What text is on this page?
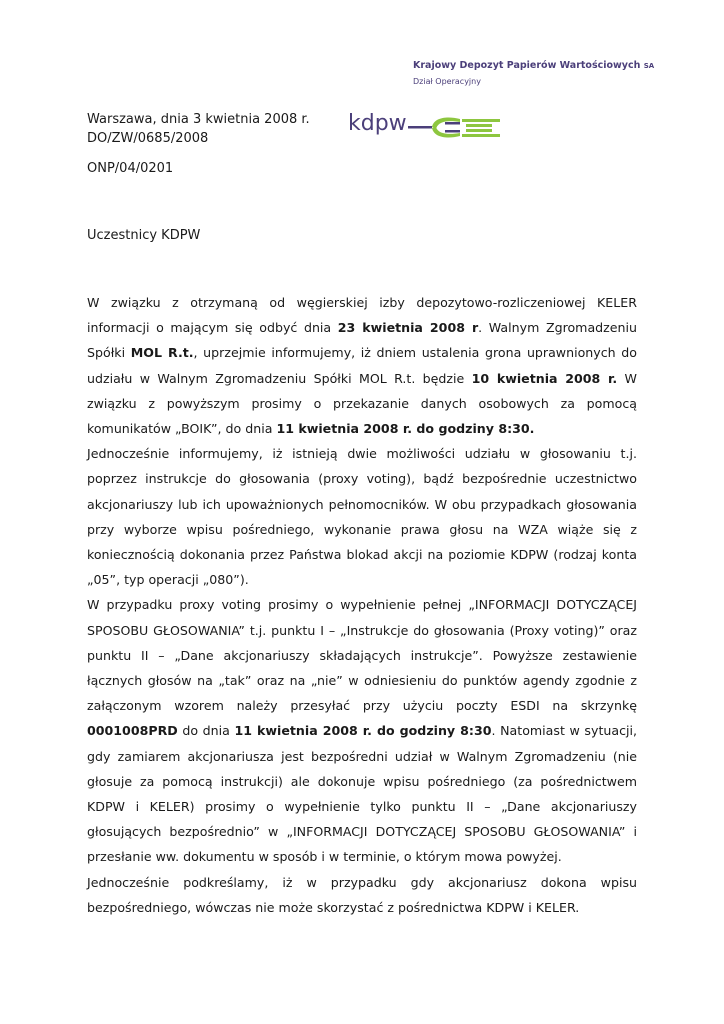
Krajowy Depozyt Papierów Wartościowych SA
Dział Operacyjny
Warszawa, dnia 3 kwietnia 2008 r.
DO/ZW/0685/2008
kdpw
ONP/04/0201
Uczestnicy KDPW

W związku z otrzymaną od węgierskiej izby depozytowo-rozliczeniowej KELER informacji o mającym się odbyć dnia 23 kwietnia 2008 r. Walnym Zgromadzeniu Spółki MOL R.t., uprzejmie informujemy, iż dniem ustalenia grona uprawnionych do udziału w Walnym Zgromadzeniu Spółki MOL R.t. będzie 10 kwietnia 2008 r. W związku z powyższym prosimy o przekazanie danych osobowych za pomocą komunikatów „BOIK”, do dnia 11 kwietnia 2008 r. do godziny 8:30.

Jednocześnie informujemy, iż istnieją dwie możliwości udziału w głosowaniu t.j. poprzez instrukcje do głosowania (proxy voting), bądź bezpośrednie uczestnictwo akcjonariuszy lub ich upoważnionych pełnomocników. W obu przypadkach głosowania przy wyborze wpisu pośredniego, wykonanie prawa głosu na WZA wiąże się z koniecznością dokonania przez Państwa blokad akcji na poziomie KDPW (rodzaj konta „05”, typ operacji „080”).

W przypadku proxy voting prosimy o wypełnienie pełnej „INFORMACJI DOTYCZĄCEJ SPOSOBU GŁOSOWANIA” t.j. punktu I – „Instrukcje do głosowania (Proxy voting)” oraz punktu II – „Dane akcjonariuszy składających instrukcje”. Powyższe zestawienie łącznych głosów na „tak” oraz na „nie” w odniesieniu do punktów agendy zgodnie z załączonym wzorem należy przesyłać przy użyciu poczty ESDI na skrzynkę 0001008PRD do dnia 11 kwietnia 2008 r. do godziny 8:30. Natomiast w sytuacji, gdy zamiarem akcjonariusza jest bezpośredni udział w Walnym Zgromadzeniu (nie głosuje za pomocą instrukcji) ale dokonuje wpisu pośredniego (za pośrednictwem KDPW i KELER) prosimy o wypełnienie tylko punktu II – „Dane akcjonariuszy głosujących bezpośrednio” w „INFORMACJI DOTYCZĄCEJ SPOSOBU GŁOSOWANIA” i przesłanie ww. dokumentu w sposób i w terminie, o którym mowa powyżej.

Jednocześnie podkreślamy, iż w przypadku gdy akcjonariusz dokona wpisu bezpośredniego, wówczas nie może skorzystać z pośrednictwa KDPW i KELER.
